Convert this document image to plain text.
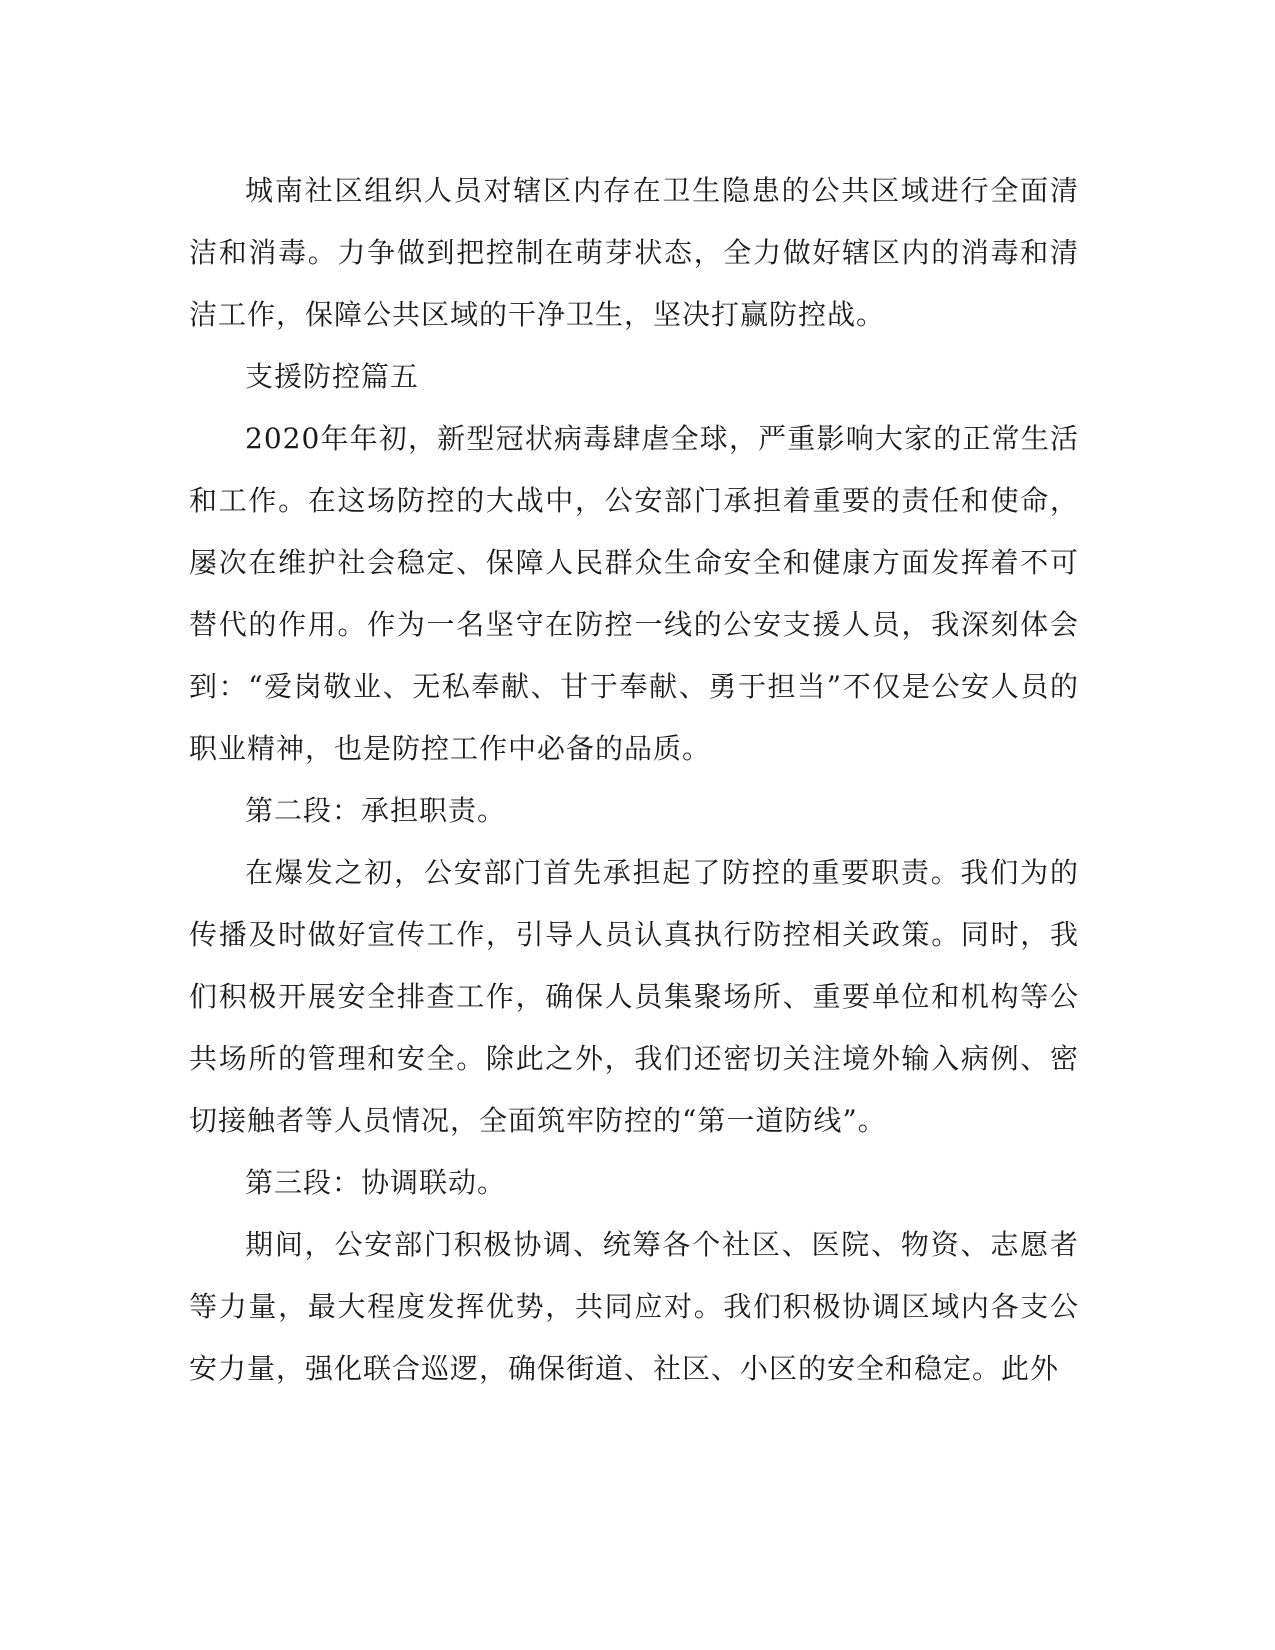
城南社区组织人员对辖区内存在卫生隐患的公共区域进行全面清洁和消毒。力争做到把控制在萌芽状态，全力做好辖区内的消毒和清洁工作，保障公共区域的干净卫生，坚决打赢防控战。

支援防控篇五

2020年年初，新型冠状病毒肆虐全球，严重影响大家的正常生活和工作。在这场防控的大战中，公安部门承担着重要的责任和使命，屡次在维护社会稳定、保障人民群众生命安全和健康方面发挥着不可替代的作用。作为一名坚守在防控一线的公安支援人员，我深刻体会到：“爱岗敬业、无私奉献、甘于奉献、勇于担当”不仅是公安人员的职业精神，也是防控工作中必备的品质。

第二段：承担职责。

在爆发之初，公安部门首先承担起了防控的重要职责。我们为的传播及时做好宣传工作，引导人员认真执行防控相关政策。同时，我们积极开展安全排查工作，确保人员集聚场所、重要单位和机构等公共场所的管理和安全。除此之外，我们还密切关注境外输入病例、密切接触者等人员情况，全面筑牢防控的“第一道防线”。

第三段：协调联动。

期间，公安部门积极协调、统筹各个社区、医院、物资、志愿者等力量，最大程度发挥优势，共同应对。我们积极协调区域内各支公安力量，强化联合巡逻，确保街道、社区、小区的安全和稳定。此外
